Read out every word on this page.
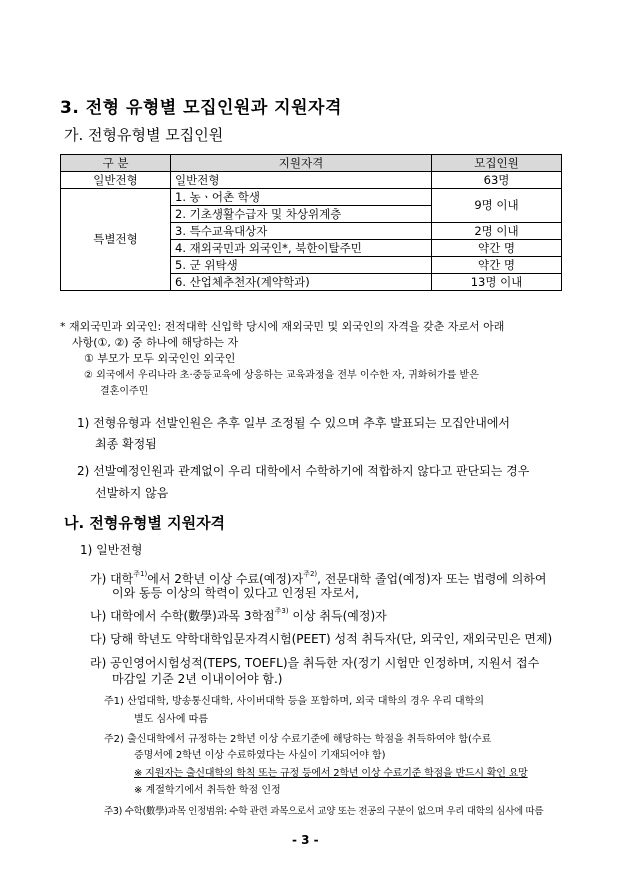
3. 전형 유형별 모집인원과 지원자격
가. 전형유형별 모집인원
구 분	지원자격	모집인원
일반전형	일반전형	63명
특별전형	1. 농ㆍ어촌 학생	9명 이내
	2. 기초생활수급자 및 차상위계층	
	3. 특수교육대상자	2명 이내
	4. 재외국민과 외국인*, 북한이탈주민	약간 명
	5. 군 위탁생	약간 명
	6. 산업체추천자(계약학과)	13명 이내
* 재외국민과 외국인: 전적대학 신입학 당시에 재외국민 및 외국인의 자격을 갖춘 자로서 아래
사항(①, ②) 중 하나에 해당하는 자
① 부모가 모두 외국인인 외국인
② 외국에서 우리나라 초·중등교육에 상응하는 교육과정을 전부 이수한 자, 귀화허가를 받은
결혼이주민
1) 전형유형과 선발인원은 추후 일부 조정될 수 있으며 추후 발표되는 모집안내에서
최종 확정됨
2) 선발예정인원과 관계없이 우리 대학에서 수학하기에 적합하지 않다고 판단되는 경우
선발하지 않음
나. 전형유형별 지원자격
1) 일반전형
가) 대학$^{주1)}$에서 2학년 이상 수료(예정)자$^{주2)}$, 전문대학 졸업(예정)자 또는 법령에 의하여
이와 동등 이상의 학력이 있다고 인정된 자로서,
나) 대학에서 수학(數學)과목 3학점$^{주3)}$ 이상 취득(예정)자
다) 당해 학년도 약학대학입문자격시험(PEET) 성적 취득자(단, 외국인, 재외국민은 면제)
라) 공인영어시험성적(TEPS, TOEFL)을 취득한 자(정기 시험만 인정하며, 지원서 접수
마감일 기준 2년 이내이어야 함.)
주1) 산업대학, 방송통신대학, 사이버대학 등을 포함하며, 외국 대학의 경우 우리 대학의
별도 심사에 따름
주2) 출신대학에서 규정하는 2학년 이상 수료기준에 해당하는 학점을 취득하여야 함(수료
증명서에 2학년 이상 수료하였다는 사실이 기재되어야 함)
※ 지원자는 출신대학의 학칙 또는 규정 등에서 2학년 이상 수료기준 학점을 반드시 확인 요망
※ 계절학기에서 취득한 학점 인정
주3) 수학(數學)과목 인정범위: 수학 관련 과목으로서 교양 또는 전공의 구분이 없으며 우리 대학의 심사에 따름
- 3 -
